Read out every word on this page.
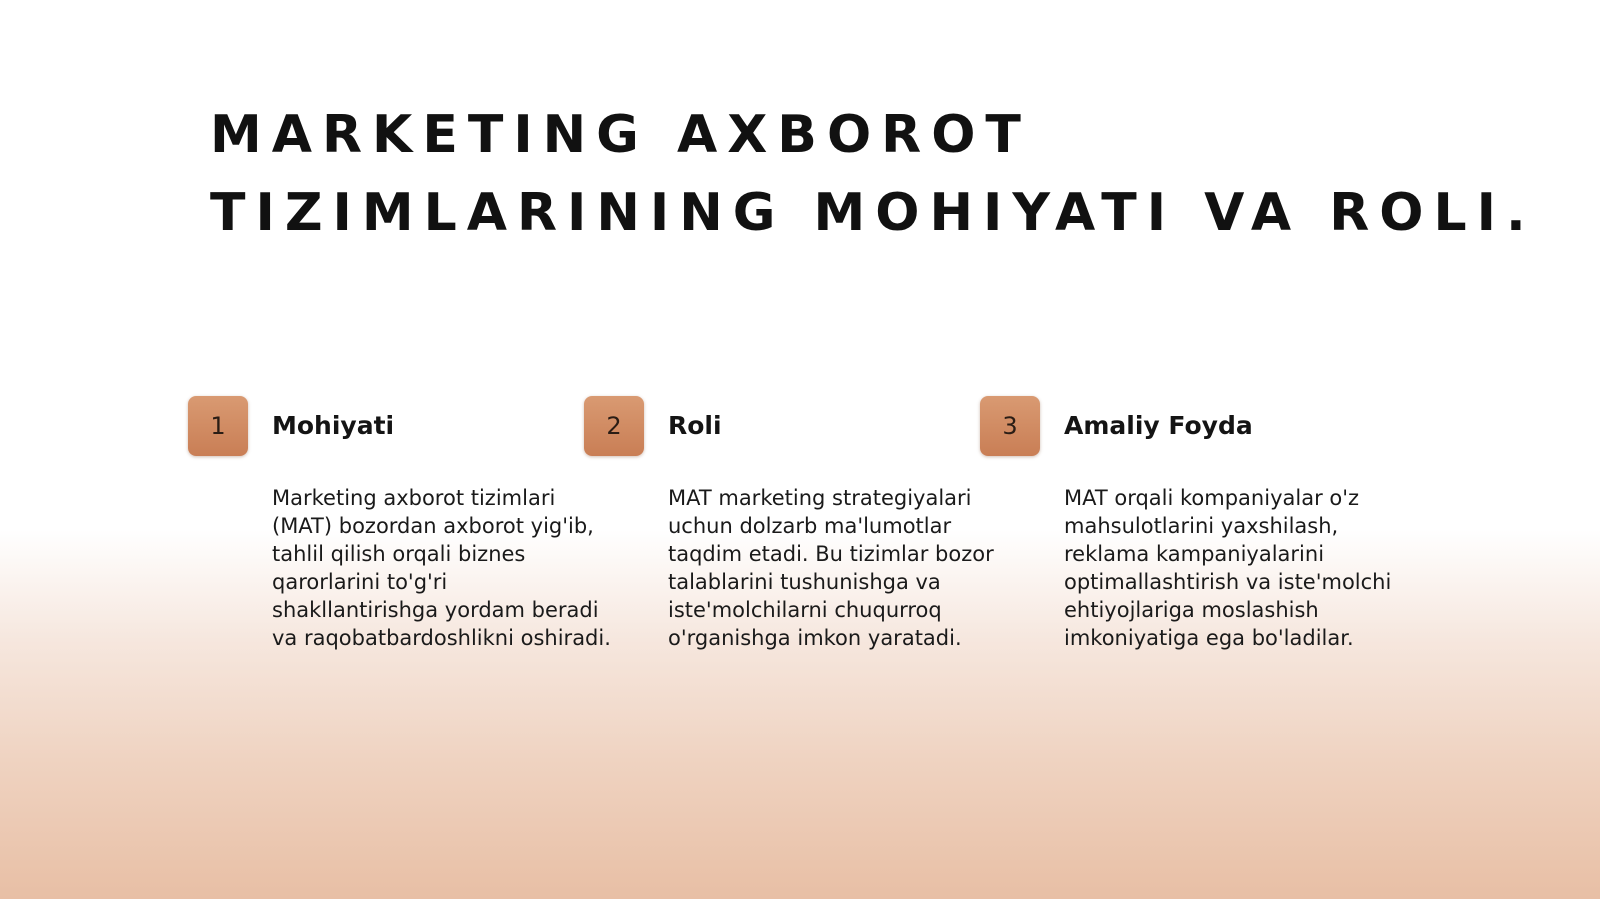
MARKETING AXBOROT TIZIMLARINING MOHIYATI VA ROLI.
1	Mohiyati

Marketing axborot tizimlari (MAT) bozordan axborot yig'ib, tahlil qilish orqali biznes qarorlarini to'g'ri shakllantirishga yordam beradi va raqobatbardoshlikni oshiradi.

2	Roli

MAT marketing strategiyalari uchun dolzarb ma'lumotlar taqdim etadi. Bu tizimlar bozor talablarini tushunishga va iste'molchilarni chuqurroq o'rganishga imkon yaratadi.

3	Amaliy Foyda

MAT orqali kompaniyalar o'z mahsulotlarini yaxshilash, reklama kampaniyalarini optimallashtirish va iste'molchi ehtiyojlariga moslashish imkoniyatiga ega bo'ladilar.
